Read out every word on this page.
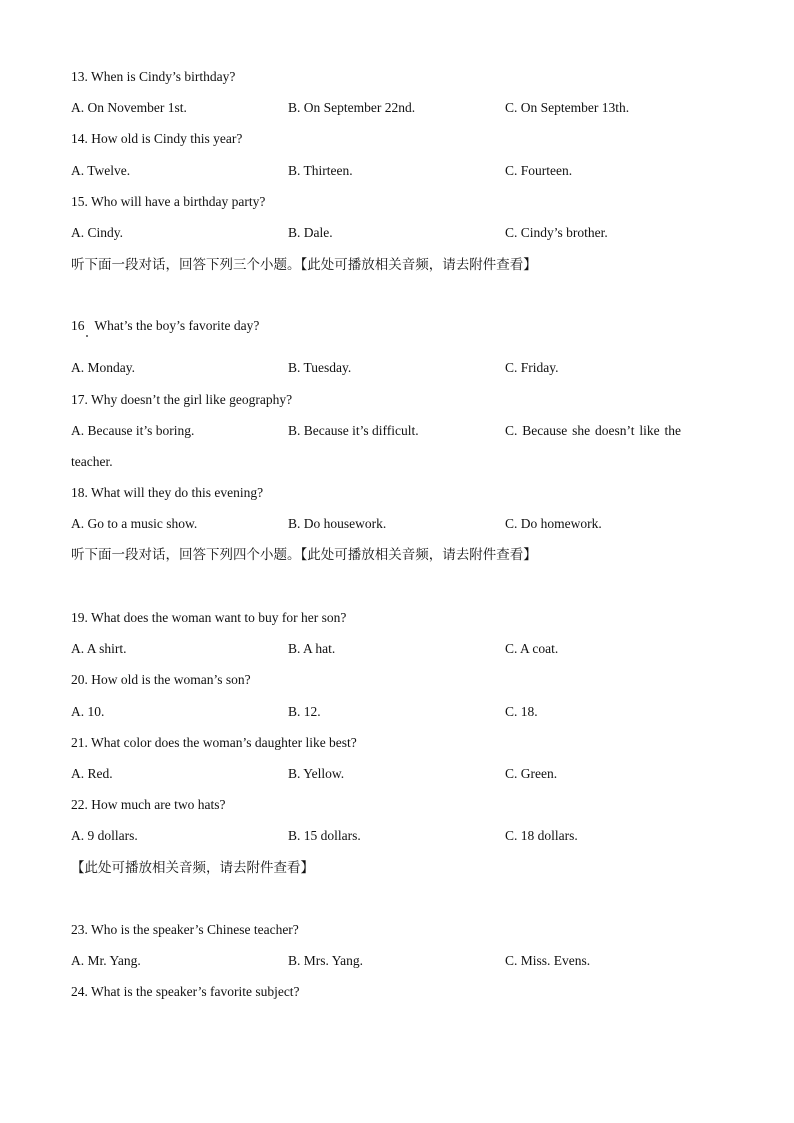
13. When is Cindy’s birthday?
A. On November 1st.	B. On September 22nd.	C. On September 13th.
14. How old is Cindy this year?
A. Twelve.	B. Thirteen.	C. Fourteen.
15. Who will have a birthday party?
A. Cindy.	B. Dale.	C. Cindy’s brother.
听下面一段对话，回答下列三个小题。【此处可播放相关音频，请去附件查看】
16   What’s the boy’s favorite day?
A. Monday.	B. Tuesday.	C. Friday.
17. Why doesn’t the girl like geography?
A. Because it’s boring.	B. Because it’s difficult.	C. Because she doesn’t like the
teacher.
18. What will they do this evening?
A. Go to a music show.	B. Do housework.	C. Do homework.
听下面一段对话，回答下列四个小题。【此处可播放相关音频，请去附件查看】
19. What does the woman want to buy for her son?
A. A shirt.	B. A hat.	C. A coat.
20. How old is the woman’s son?
A. 10.	B. 12.	C. 18.
21. What color does the woman’s daughter like best?
A. Red.	B. Yellow.	C. Green.
22. How much are two hats?
A. 9 dollars.	B. 15 dollars.	C. 18 dollars.
【此处可播放相关音频，请去附件查看】
23. Who is the speaker’s Chinese teacher?
A. Mr. Yang.	B. Mrs. Yang.	C. Miss. Evens.
24. What is the speaker’s favorite subject?
